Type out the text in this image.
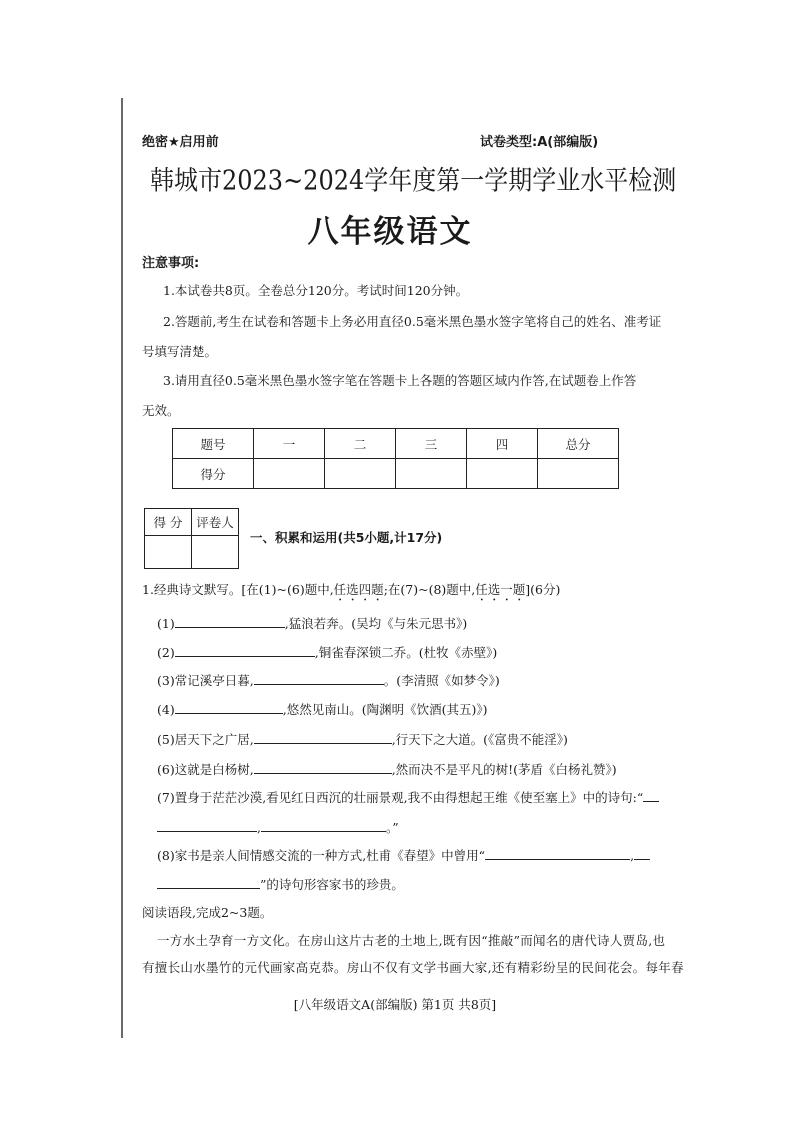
绝密★启用前	试卷类型:A(部编版)
韩城市2023~2024学年度第一学期学业水平检测
八年级语文
注意事项:
1.本试卷共8页。全卷总分120分。考试时间120分钟。
2.答题前,考生在试卷和答题卡上务必用直径0.5毫米黑色墨水签字笔将自己的姓名、准考证
号填写清楚。
3.请用直径0.5毫米黑色墨水签字笔在答题卡上各题的答题区域内作答,在试题卷上作答
无效。
题号	一	二	三	四	总分
得分					
得 分	评卷人

一、积累和运用(共5小题,计17分)
1.经典诗文默写。[在(1)~(6)题中,任选四题;在(7)~(8)题中,任选一题](6分)
(1)	,猛浪若奔。(吴均《与朱元思书》)
(2)	,铜雀春深锁二乔。(杜牧《赤壁》)
(3)常记溪亭日暮,	。(李清照《如梦令》)
(4)	,悠然见南山。(陶渊明《饮酒(其五)》)
(5)居天下之广居,	,行天下之大道。(《富贵不能淫》)
(6)这就是白杨树,	,然而决不是平凡的树!(茅盾《白杨礼赞》)
(7)置身于茫茫沙漠,看见红日西沉的壮丽景观,我不由得想起王维《使至塞上》中的诗句:“
,	。”
(8)家书是亲人间情感交流的一种方式,杜甫《春望》中曾用“	,
”的诗句形容家书的珍贵。
阅读语段,完成2~3题。
一方水土孕育一方文化。在房山这片古老的土地上,既有因“推敲”而闻名的唐代诗人贾岛,也
有擅长山水墨竹的元代画家高克恭。房山不仅有文学书画大家,还有精彩纷呈的民间花会。每年春
[八年级语文A(部编版) 第1页 共8页]
